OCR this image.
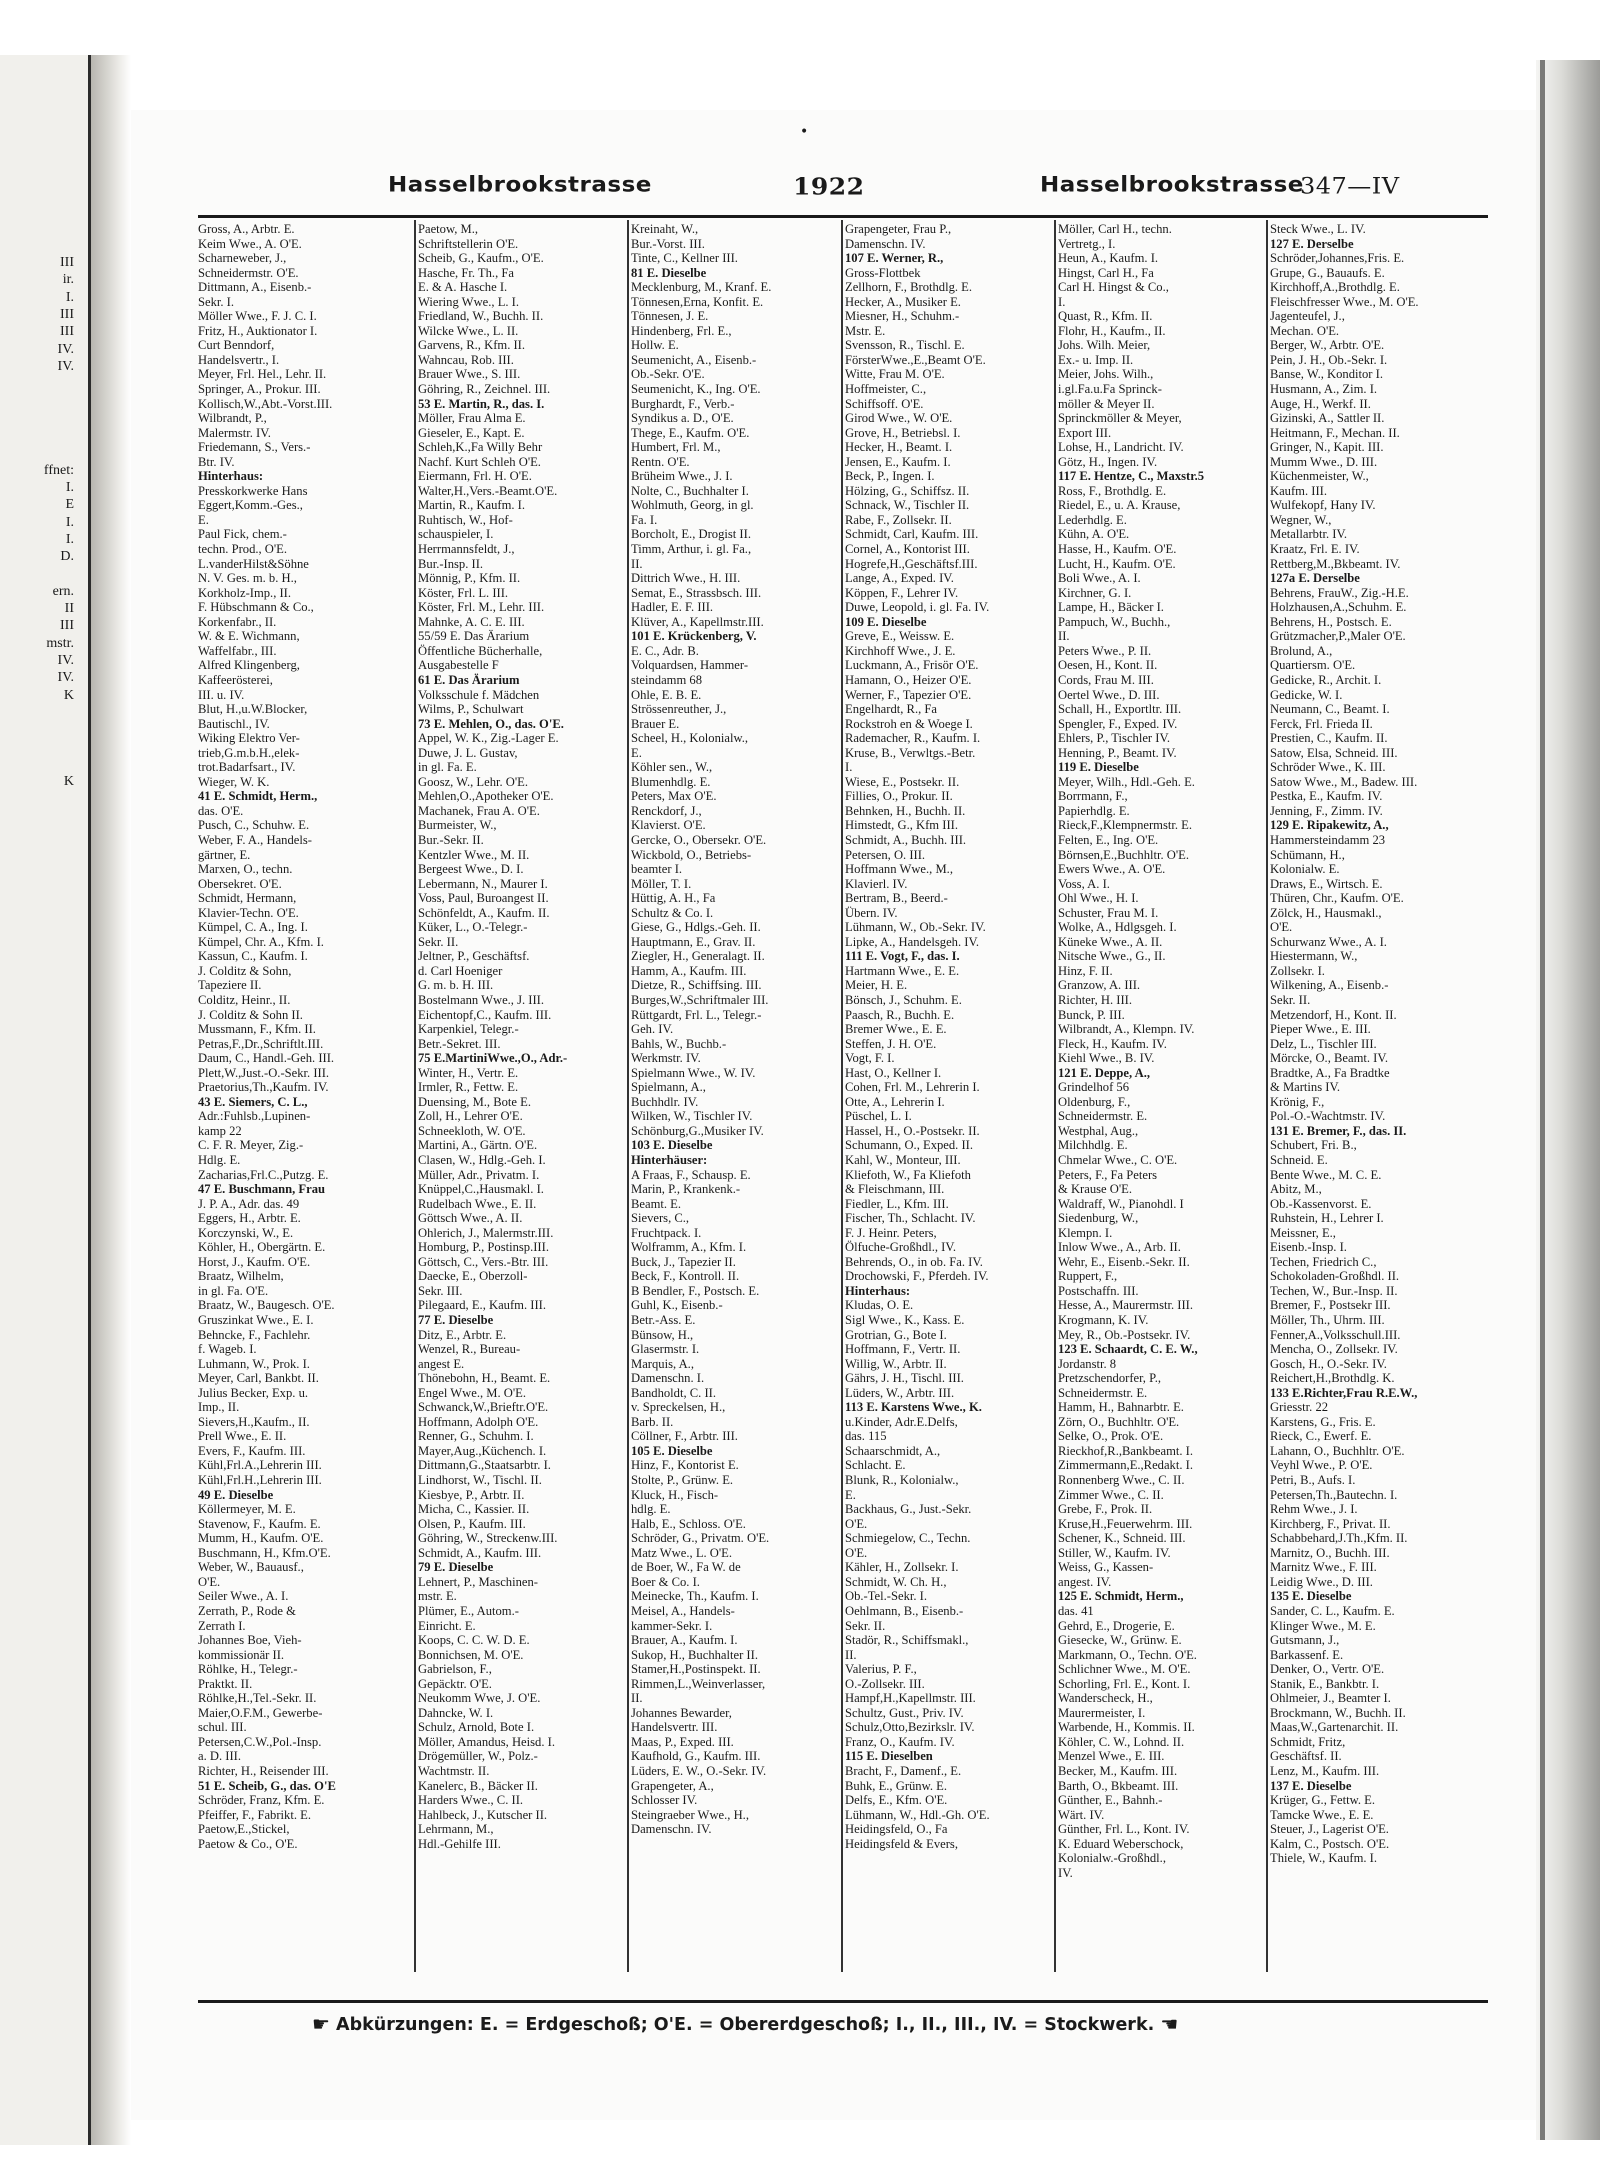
III
ir.
I.
III
III
IV.
IV.
ffnet:
I.
E
I.
I.
D.
ern.
II
III
mstr.
IV.
IV.
K
K
•
Hasselbrookstrasse	1922	Hasselbrookstrasse
347—IV
Gross, A., Arbtr. E.
Keim Wwe., A. O'E.
Scharneweber, J.,
Schneidermstr. O'E.
Dittmann, A., Eisenb.-
Sekr. I.
Möller Wwe., F. J. C. I.
Fritz, H., Auktionator I.
Curt Benndorf,
Handelsvertr., I.
Meyer, Frl. Hel., Lehr. II.
Springer, A., Prokur. III.
Kollisch,W.,Abt.-Vorst.III.
Wilbrandt, P.,
Malermstr. IV.
Friedemann, S., Vers.-
Btr. IV.
Hinterhaus:
Presskorkwerke Hans
Eggert,Komm.-Ges.,
E.
Paul Fick, chem.-
techn. Prod., O'E.
L.vanderHilst&Söhne
N. V. Ges. m. b. H.,
Korkholz-Imp., II.
F. Hübschmann & Co.,
Korkenfabr., II.
W. & E. Wichmann,
Waffelfabr., III.
Alfred Klingenberg,
Kaffeerösterei,
III. u. IV.
Blut, H.,u.W.Blocker,
Bautischl., IV.
Wiking Elektro Ver-
trieb,G.m.b.H.,elek-
trot.Badarfsart., IV.
Wieger, W. K.
41 E. Schmidt, Herm.,
das. O'E.
Pusch, C., Schuhw. E.
Weber, F. A., Handels-
gärtner, E.
Marxen, O., techn.
Obersekret. O'E.
Schmidt, Hermann,
Klavier-Techn. O'E.
Kümpel, C. A., Ing. I.
Kümpel, Chr. A., Kfm. I.
Kassun, C., Kaufm. I.
J. Colditz & Sohn,
Tapeziere II.
Colditz, Heinr., II.
J. Colditz & Sohn II.
Mussmann, F., Kfm. II.
Petras,F.,Dr.,Schriftlt.III.
Daum, C., Handl.-Geh. III.
Plett,W.,Just.-O.-Sekr. III.
Praetorius,Th.,Kaufm. IV.
43 E. Siemers, C. L.,
Adr.:Fuhlsb.,Lupinen-
kamp 22
C. F. R. Meyer, Zig.-
Hdlg. E.
Zacharias,Frl.C.,Putzg. E.
47 E. Buschmann, Frau
J. P. A., Adr. das. 49
Eggers, H., Arbtr. E.
Korczynski, W., E.
Köhler, H., Obergärtn. E.
Horst, J., Kaufm. O'E.
Braatz, Wilhelm,
in gl. Fa. O'E.
Braatz, W., Baugesch. O'E.
Gruszinkat Wwe., E. I.
Behncke, F., Fachlehr.
f. Wageb. I.
Luhmann, W., Prok. I.
Meyer, Carl, Bankbt. II.
Julius Becker, Exp. u.
Imp., II.
Sievers,H.,Kaufm., II.
Prell Wwe., E. II.
Evers, F., Kaufm. III.
Kühl,Frl.A.,Lehrerin III.
Kühl,Frl.H.,Lehrerin III.
49 E. Dieselbe
Köllermeyer, M. E.
Stavenow, F., Kaufm. E.
Mumm, H., Kaufm. O'E.
Buschmann, H., Kfm.O'E.
Weber, W., Bauausf.,
O'E.
Seiler Wwe., A. I.
Zerrath, P., Rode &
Zerrath I.
Johannes Boe, Vieh-
kommissionär II.
Röhlke, H., Telegr.-
Praktkt. II.
Röhlke,H.,Tel.-Sekr. II.
Maier,O.F.M., Gewerbe-
schul. III.
Petersen,C.W.,Pol.-Insp.
a. D. III.
Richter, H., Reisender III.
51 E. Scheib, G., das. O'E
Schröder, Franz, Kfm. E.
Pfeiffer, F., Fabrikt. E.
Paetow,E.,Stickel,
Paetow & Co., O'E.
Paetow, M.,
Schriftstellerin O'E.
Scheib, G., Kaufm., O'E.
Hasche, Fr. Th., Fa
E. & A. Hasche I.
Wiering Wwe., L. I.
Friedland, W., Buchh. II.
Wilcke Wwe., L. II.
Garvens, R., Kfm. II.
Wahncau, Rob. III.
Brauer Wwe., S. III.
Göhring, R., Zeichnel. III.
53 E. Martin, R., das. I.
Möller, Frau Alma E.
Gieseler, E., Kapt. E.
Schleh,K.,Fa Willy Behr
Nachf. Kurt Schleh O'E.
Eiermann, Frl. H. O'E.
Walter,H.,Vers.-Beamt.O'E.
Martin, R., Kaufm. I.
Ruhtisch, W., Hof-
schauspieler, I.
Herrmannsfeldt, J.,
Bur.-Insp. II.
Mönnig, P., Kfm. II.
Köster, Frl. L. III.
Köster, Frl. M., Lehr. III.
Mahnke, A. C. E. III.
55/59 E. Das Ärarium
Öffentliche Bücherhalle,
Ausgabestelle F
61 E. Das Ärarium
Volksschule f. Mädchen
Wilms, P., Schulwart
73 E. Mehlen, O., das. O'E.
Appel, W. K., Zig.-Lager E.
Duwe, J. L. Gustav,
in gl. Fa. E.
Goosz, W., Lehr. O'E.
Mehlen,O.,Apotheker O'E.
Machanek, Frau A. O'E.
Burmeister, W.,
Bur.-Sekr. II.
Kentzler Wwe., M. II.
Bergeest Wwe., D. I.
Lebermann, N., Maurer I.
Voss, Paul, Buroangest II.
Schönfeldt, A., Kaufm. II.
Küker, L., O.-Telegr.-
Sekr. II.
Jeltner, P., Geschäftsf.
d. Carl Hoeniger
G. m. b. H. III.
Bostelmann Wwe., J. III.
Eichentopf,C., Kaufm. III.
Karpenkiel, Telegr.-
Betr.-Sekret. III.
75 E.MartiniWwe.,O., Adr.-
Winter, H., Vertr. E.
Irmler, R., Fettw. E.
Duensing, M., Bote E.
Zoll, H., Lehrer O'E.
Schneekloth, W. O'E.
Martini, A., Gärtn. O'E.
Clasen, W., Hdlg.-Geh. I.
Müller, Adr., Privatm. I.
Knüppel,C.,Hausmakl. I.
Rudelbach Wwe., E. II.
Göttsch Wwe., A. II.
Ohlerich, J., Malermstr.III.
Homburg, P., Postinsp.III.
Göttsch, C., Vers.-Btr. III.
Daecke, E., Oberzoll-
Sekr. III.
Pilegaard, E., Kaufm. III.
77 E. Dieselbe
Ditz, E., Arbtr. E.
Wenzel, R., Bureau-
angest E.
Thönebohn, H., Beamt. E.
Engel Wwe., M. O'E.
Schwanck,W.,Brieftr.O'E.
Hoffmann, Adolph O'E.
Renner, G., Schuhm. I.
Mayer,Aug.,Küchench. I.
Dittmann,G.,Staatsarbtr. I.
Lindhorst, W., Tischl. II.
Kiesbye, P., Arbtr. II.
Micha, C., Kassier. II.
Olsen, P., Kaufm. III.
Göhring, W., Streckenw.III.
Schmidt, A., Kaufm. III.
79 E. Dieselbe
Lehnert, P., Maschinen-
mstr. E.
Plümer, E., Autom.-
Einricht. E.
Koops, C. C. W. D. E.
Bonnichsen, M. O'E.
Gabrielson, F.,
Gepäcktr. O'E.
Neukomm Wwe, J. O'E.
Dahncke, W. I.
Schulz, Arnold, Bote I.
Möller, Amandus, Heisd. I.
Drögemüller, W., Polz.-
Wachtmstr. II.
Kanelerc, B., Bäcker II.
Harders Wwe., C. II.
Hahlbeck, J., Kutscher II.
Lehrmann, M.,
Hdl.-Gehilfe III.
Kreinaht, W.,
Bur.-Vorst. III.
Tinte, C., Kellner III.
81 E. Dieselbe
Mecklenburg, M., Kranf. E.
Tönnesen,Erna, Konfit. E.
Tönnesen, J. E.
Hindenberg, Frl. E.,
Hollw. E.
Seumenicht, A., Eisenb.-
Ob.-Sekr. O'E.
Seumenicht, K., Ing. O'E.
Burghardt, F., Verb.-
Syndikus a. D., O'E.
Thege, E., Kaufm. O'E.
Humbert, Frl. M.,
Rentn. O'E.
Brüheim Wwe., J. I.
Nolte, C., Buchhalter I.
Wohlmuth, Georg, in gl.
Fa. I.
Borcholt, E., Drogist II.
Timm, Arthur, i. gl. Fa.,
II.
Dittrich Wwe., H. III.
Semat, E., Strassbsch. III.
Hadler, E. F. III.
Klüver, A., Kapellmstr.III.
101 E. Krückenberg, V.
E. C., Adr. B.
Volquardsen, Hammer-
steindamm 68
Ohle, E. B. E.
Strössenreuther, J.,
Brauer E.
Scheel, H., Kolonialw.,
E.
Köhler sen., W.,
Blumenhdlg. E.
Peters, Max O'E.
Renckdorf, J.,
Klavierst. O'E.
Gercke, O., Obersekr. O'E.
Wickbold, O., Betriebs-
beamter I.
Möller, T. I.
Hüttig, A. H., Fa
Schultz & Co. I.
Giese, G., Hdlgs.-Geh. II.
Hauptmann, E., Grav. II.
Ziegler, H., Generalagt. II.
Hamm, A., Kaufm. III.
Dietze, R., Schiffsing. III.
Burges,W.,Schriftmaler III.
Rüttgardt, Frl. L., Telegr.-
Geh. IV.
Bahls, W., Buchb.-
Werkmstr. IV.
Spielmann Wwe., W. IV.
Spielmann, A.,
Buchhdlr. IV.
Wilken, W., Tischler IV.
Schönburg,G.,Musiker IV.
103 E. Dieselbe
Hinterhäuser:
A Fraas, F., Schausp. E.
Marin, P., Krankenk.-
Beamt. E.
Sievers, C.,
Fruchtpack. I.
Wolframm, A., Kfm. I.
Buck, J., Tapezier II.
Beck, F., Kontroll. II.
B Bendler, F., Postsch. E.
Guhl, K., Eisenb.-
Betr.-Ass. E.
Bünsow, H.,
Glasermstr. I.
Marquis, A.,
Damenschn. I.
Bandholdt, C. II.
v. Spreckelsen, H.,
Barb. II.
Cöllner, F., Arbtr. III.
105 E. Dieselbe
Hinz, F., Kontorist E.
Stolte, P., Grünw. E.
Kluck, H., Fisch-
hdlg. E.
Halb, E., Schloss. O'E.
Schröder, G., Privatm. O'E.
Matz Wwe., L. O'E.
de Boer, W., Fa W. de
Boer & Co. I.
Meinecke, Th., Kaufm. I.
Meisel, A., Handels-
kammer-Sekr. I.
Brauer, A., Kaufm. I.
Sukop, H., Buchhalter II.
Stamer,H.,Postinspekt. II.
Rimmen,L.,Weinverlasser,
II.
Johannes Bewarder,
Handelsvertr. III.
Maas, P., Exped. III.
Kaufhold, G., Kaufm. III.
Lüders, E. W., O.-Sekr. IV.
Grapengeter, A.,
Schlosser IV.
Steingraeber Wwe., H.,
Damenschn. IV.
Grapengeter, Frau P.,
Damenschn. IV.
107 E. Werner, R.,
Gross-Flottbek
Zellhorn, F., Brothdlg. E.
Hecker, A., Musiker E.
Miesner, H., Schuhm.-
Mstr. E.
Svensson, R., Tischl. E.
FörsterWwe.,E.,Beamt O'E.
Witte, Frau M. O'E.
Hoffmeister, C.,
Schiffsoff. O'E.
Girod Wwe., W. O'E.
Grove, H., Betriebsl. I.
Hecker, H., Beamt. I.
Jensen, E., Kaufm. I.
Beck, P., Ingen. I.
Hölzing, G., Schiffsz. II.
Schnack, W., Tischler II.
Rabe, F., Zollsekr. II.
Schmidt, Carl, Kaufm. III.
Cornel, A., Kontorist III.
Hogrefe,H.,Geschäftsf.III.
Lange, A., Exped. IV.
Köppen, F., Lehrer IV.
Duwe, Leopold, i. gl. Fa. IV.
109 E. Dieselbe
Greve, E., Weissw. E.
Kirchhoff Wwe., J. E.
Luckmann, A., Frisör O'E.
Hamann, O., Heizer O'E.
Werner, F., Tapezier O'E.
Engelhardt, R., Fa
Rockstroh en & Woege I.
Rademacher, R., Kaufm. I.
Kruse, B., Verwltgs.-Betr.
I.
Wiese, E., Postsekr. II.
Fillies, O., Prokur. II.
Behnken, H., Buchh. II.
Himstedt, G., Kfm III.
Schmidt, A., Buchh. III.
Petersen, O. III.
Hoffmann Wwe., M.,
Klavierl. IV.
Bertram, B., Beerd.-
Übern. IV.
Lühmann, W., Ob.-Sekr. IV.
Lipke, A., Handelsgeh. IV.
111 E. Vogt, F., das. I.
Hartmann Wwe., E. E.
Meier, H. E.
Bönsch, J., Schuhm. E.
Paasch, R., Buchh. E.
Bremer Wwe., E. E.
Steffen, J. H. O'E.
Vogt, F. I.
Hast, O., Kellner I.
Cohen, Frl. M., Lehrerin I.
Otte, A., Lehrerin I.
Püschel, L. I.
Hassel, H., O.-Postsekr. II.
Schumann, O., Exped. II.
Kahl, W., Monteur, III.
Kliefoth, W., Fa Kliefoth
& Fleischmann, III.
Fiedler, L., Kfm. III.
Fischer, Th., Schlacht. IV.
F. J. Heinr. Peters,
Ölfuche-Großhdl., IV.
Behrends, O., in ob. Fa. IV.
Drochowski, F., Pferdeh. IV.
Hinterhaus:
Kludas, O. E.
Sigl Wwe., K., Kass. E.
Grotrian, G., Bote I.
Hoffmann, F., Vertr. II.
Willig, W., Arbtr. II.
Gährs, J. H., Tischl. III.
Lüders, W., Arbtr. III.
113 E. Karstens Wwe., K.
u.Kinder, Adr.E.Delfs,
das. 115
Schaarschmidt, A.,
Schlacht. E.
Blunk, R., Kolonialw.,
E.
Backhaus, G., Just.-Sekr.
O'E.
Schmiegelow, C., Techn.
O'E.
Kähler, H., Zollsekr. I.
Schmidt, W. Ch. H.,
Ob.-Tel.-Sekr. I.
Oehlmann, B., Eisenb.-
Sekr. II.
Stadör, R., Schiffsmakl.,
II.
Valerius, P. F.,
O.-Zollsekr. III.
Hampf,H.,Kapellmstr. III.
Schultz, Gust., Priv. IV.
Schulz,Otto,Bezirkslr. IV.
Franz, O., Kaufm. IV.
115 E. Dieselben
Bracht, F., Damenf., E.
Buhk, E., Grünw. E.
Delfs, E., Kfm. O'E.
Lühmann, W., Hdl.-Gh. O'E.
Heidingsfeld, O., Fa
Heidingsfeld & Evers,
Möller, Carl H., techn.
Vertretg., I.
Heun, A., Kaufm. I.
Hingst, Carl H., Fa
Carl H. Hingst & Co.,
I.
Quast, R., Kfm. II.
Flohr, H., Kaufm., II.
Johs. Wilh. Meier,
Ex.- u. Imp. II.
Meier, Johs. Wilh.,
i.gl.Fa.u.Fa Sprinck-
möller & Meyer II.
Sprinckmöller & Meyer,
Export III.
Lohse, H., Landricht. IV.
Götz, H., Ingen. IV.
117 E. Hentze, C., Maxstr.5
Ross, F., Brothdlg. E.
Riedel, E., u. A. Krause,
Lederhdlg. E.
Kühn, A. O'E.
Hasse, H., Kaufm. O'E.
Lucht, H., Kaufm. O'E.
Boli Wwe., A. I.
Kirchner, G. I.
Lampe, H., Bäcker I.
Pampuch, W., Buchh.,
II.
Peters Wwe., P. II.
Oesen, H., Kont. II.
Cords, Frau M. III.
Oertel Wwe., D. III.
Schall, H., Exportltr. III.
Spengler, F., Exped. IV.
Ehlers, P., Tischler IV.
Henning, P., Beamt. IV.
119 E. Dieselbe
Meyer, Wilh., Hdl.-Geh. E.
Borrmann, F.,
Papierhdlg. E.
Rieck,F.,Klempnermstr. E.
Felten, E., Ing. O'E.
Börnsen,E.,Buchhltr. O'E.
Ewers Wwe., A. O'E.
Voss, A. I.
Ohl Wwe., H. I.
Schuster, Frau M. I.
Wolke, A., Hdlgsgeh. I.
Küneke Wwe., A. II.
Nitsche Wwe., G., II.
Hinz, F. II.
Granzow, A. III.
Richter, H. III.
Bunck, P. III.
Wilbrandt, A., Klempn. IV.
Fleck, H., Kaufm. IV.
Kiehl Wwe., B. IV.
121 E. Deppe, A.,
Grindelhof 56
Oldenburg, F.,
Schneidermstr. E.
Westphal, Aug.,
Milchhdlg. E.
Chmelar Wwe., C. O'E.
Peters, F., Fa Peters
& Krause O'E.
Waldraff, W., Pianohdl. I
Siedenburg, W.,
Klempn. I.
Inlow Wwe., A., Arb. II.
Wehr, E., Eisenb.-Sekr. II.
Ruppert, F.,
Postschaffn. III.
Hesse, A., Maurermstr. III.
Krogmann, K. IV.
Mey, R., Ob.-Postsekr. IV.
123 E. Schaardt, C. E. W.,
Jordanstr. 8
Pretzschendorfer, P.,
Schneidermstr. E.
Hamm, H., Bahnarbtr. E.
Zörn, O., Buchhltr. O'E.
Selke, O., Prok. O'E.
Rieckhof,R.,Bankbeamt. I.
Zimmermann,E.,Redakt. I.
Ronnenberg Wwe., C. II.
Zimmer Wwe., C. II.
Grebe, F., Prok. II.
Kruse,H.,Feuerwehrm. III.
Schener, K., Schneid. III.
Stiller, W., Kaufm. IV.
Weiss, G., Kassen-
angest. IV.
125 E. Schmidt, Herm.,
das. 41
Gehrd, E., Drogerie, E.
Giesecke, W., Grünw. E.
Markmann, O., Techn. O'E.
Schlichner Wwe., M. O'E.
Schorling, Frl. E., Kont. I.
Wanderscheck, H.,
Maurermeister, I.
Warbende, H., Kommis. II.
Köhler, C. W., Lohnd. II.
Menzel Wwe., E. III.
Becker, M., Kaufm. III.
Barth, O., Bkbeamt. III.
Günther, E., Bahnh.-
Wärt. IV.
Günther, Frl. L., Kont. IV.
K. Eduard Weberschock,
Kolonialw.-Großhdl.,
IV.
Steck Wwe., L. IV.
127 E. Derselbe
Schröder,Johannes,Fris. E.
Grupe, G., Bauaufs. E.
Kirchhoff,A.,Brothdlg. E.
Fleischfresser Wwe., M. O'E.
Jagenteufel, J.,
Mechan. O'E.
Berger, W., Arbtr. O'E.
Pein, J. H., Ob.-Sekr. I.
Banse, W., Konditor I.
Husmann, A., Zim. I.
Auge, H., Werkf. II.
Gizinski, A., Sattler II.
Heitmann, F., Mechan. II.
Gringer, N., Kapit. III.
Mumm Wwe., D. III.
Küchenmeister, W.,
Kaufm. III.
Wulfekopf, Hany IV.
Wegner, W.,
Metallarbtr. IV.
Kraatz, Frl. E. IV.
Rettberg,M.,Bkbeamt. IV.
127a E. Derselbe
Behrens, FrauW., Zig.-H.E.
Holzhausen,A.,Schuhm. E.
Behrens, H., Postsch. E.
Grützmacher,P.,Maler O'E.
Brolund, A.,
Quartiersm. O'E.
Gedicke, R., Archit. I.
Gedicke, W. I.
Neumann, C., Beamt. I.
Ferck, Frl. Frieda II.
Prestien, C., Kaufm. II.
Satow, Elsa, Schneid. III.
Schröder Wwe., K. III.
Satow Wwe., M., Badew. III.
Pestka, E., Kaufm. IV.
Jenning, F., Zimm. IV.
129 E. Ripakewitz, A.,
Hammersteindamm 23
Schümann, H.,
Kolonialw. E.
Draws, E., Wirtsch. E.
Thüren, Chr., Kaufm. O'E.
Zölck, H., Hausmakl.,
O'E.
Schurwanz Wwe., A. I.
Hiestermann, W.,
Zollsekr. I.
Wilkening, A., Eisenb.-
Sekr. II.
Metzendorf, H., Kont. II.
Pieper Wwe., E. III.
Delz, L., Tischler III.
Mörcke, O., Beamt. IV.
Bradtke, A., Fa Bradtke
& Martins IV.
Krönig, F.,
Pol.-O.-Wachtmstr. IV.
131 E. Bremer, F., das. II.
Schubert, Fri. B.,
Schneid. E.
Bente Wwe., M. C. E.
Abitz, M.,
Ob.-Kassenvorst. E.
Ruhstein, H., Lehrer I.
Meissner, E.,
Eisenb.-Insp. I.
Techen, Friedrich C.,
Schokoladen-Großhdl. II.
Techen, W., Bur.-Insp. II.
Bremer, F., Postsekr III.
Möller, Th., Uhrm. III.
Fenner,A.,Volksschull.III.
Mencha, O., Zollsekr. IV.
Gosch, H., O.-Sekr. IV.
Reichert,H.,Brothdlg. K.
133 E.Richter,Frau R.E.W.,
Griesstr. 22
Karstens, G., Fris. E.
Rieck, C., Ewerf. E.
Lahann, O., Buchhltr. O'E.
Veyhl Wwe., P. O'E.
Petri, B., Aufs. I.
Petersen,Th.,Bautechn. I.
Rehm Wwe., J. I.
Kirchberg, F., Privat. II.
Schabbehard,J.Th.,Kfm. II.
Marnitz, O., Buchh. III.
Marnitz Wwe., F. III.
Leidig Wwe., D. III.
135 E. Dieselbe
Sander, C. L., Kaufm. E.
Klinger Wwe., M. E.
Gutsmann, J.,
Barkassenf. E.
Denker, O., Vertr. O'E.
Stanik, E., Bankbtr. I.
Ohlmeier, J., Beamter I.
Brockmann, W., Buchh. II.
Maas,W.,Gartenarchit. II.
Schmidt, Fritz,
Geschäftsf. II.
Lenz, M., Kaufm. III.
137 E. Dieselbe
Krüger, G., Fettw. E.
Tamcke Wwe., E. E.
Steuer, J., Lagerist O'E.
Kalm, C., Postsch. O'E.
Thiele, W., Kaufm. I.
☛ Abkürzungen: E. = Erdgeschoß; O'E. = Obererdgeschoß; I., II., III., IV. = Stockwerk. ☚
